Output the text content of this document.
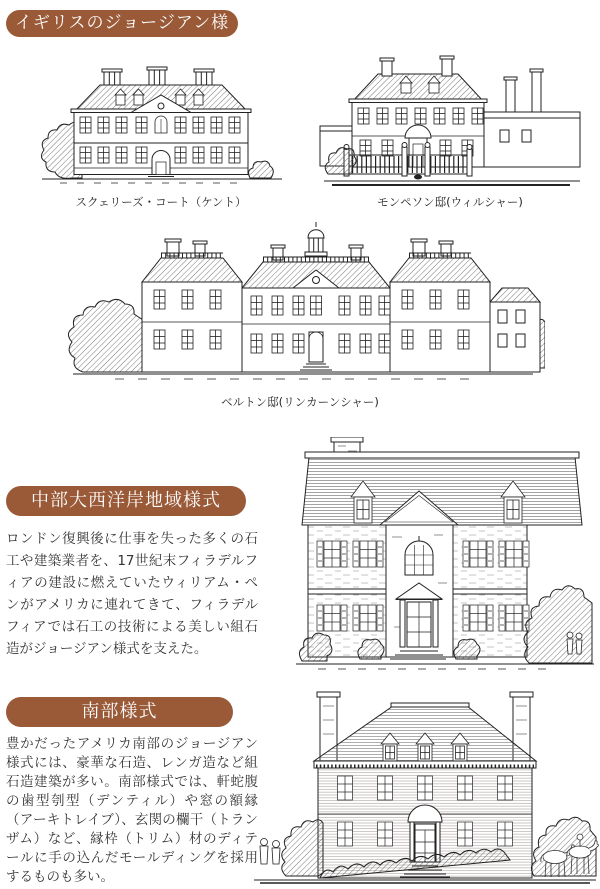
イギリスのジョージアン様式
スクェリーズ・コート（ケント）	モンペソン邸(ウィルシャー)
ベルトン邸(リンカーンシャー)
中部大西洋岸地域様式
ロンドン復興後に仕事を失った多くの石工や建築業者を、17世紀末フィラデルフィアの建設に燃えていたウィリアム・ペンがアメリカに連れてきて、フィラデルフィアでは石工の技術による美しい組石造がジョージアン様式を支えた。
南部様式
豊かだったアメリカ南部のジョージアン様式には、豪華な石造、レンガ造など組石造建築が多い。南部様式では、軒蛇腹の歯型刳型（デンティル）や窓の額縁（アーキトレイブ）、玄関の欄干（トランザム）など、縁枠（トリム）材のディテールに手の込んだモールディングを採用するものも多い。
